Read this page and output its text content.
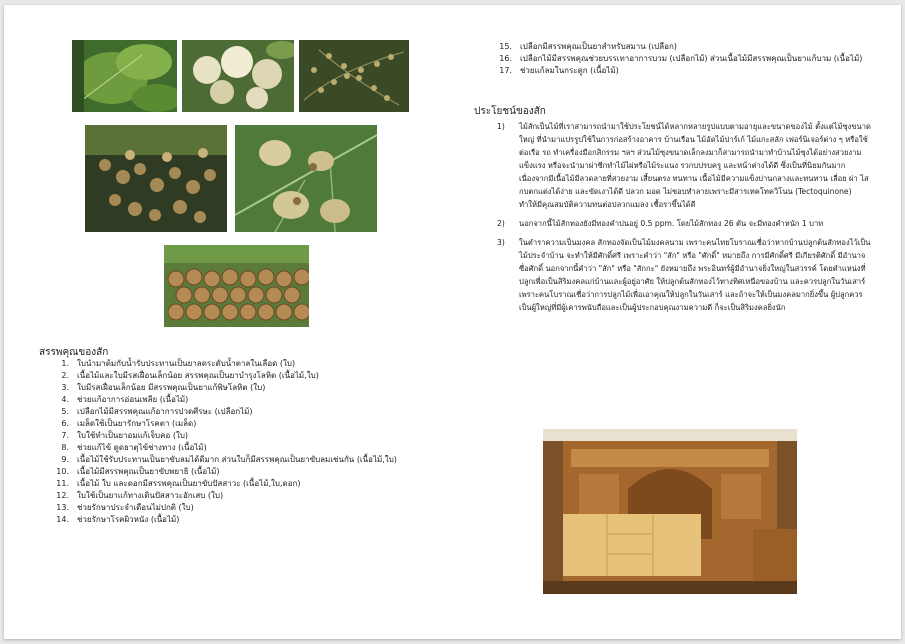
สรรพคุณของสัก
1. ใบนำมาต้มกับน้ำรับประทานเป็นยาลดระดับน้ำตาลในเลือด (ใบ)
2. เนื้อไม้และใบมีรสเฝื่อนเล็กน้อย สรรพคุณเป็นยาบำรุงโลหิต (เนื้อไม้,ใบ)
3. ใบมีรสเฝื่อนเล็กน้อย มีสรรพคุณเป็นยาแก้พิษโลหิต (ใบ)
4. ช่วยแก้อาการอ่อนเพลีย (เนื้อไม้)
5. เปลือกไม้มีสรรพคุณแก้อาการปวดศีรษะ (เปลือกไม้)
6. เมล็ดใช้เป็นยารักษาโรคตา (เมล็ด)
7. ใบใช้ทำเป็นยาอมแก้เจ็บคอ (ใบ)
8. ช่วยแก้ไข้ ดูดธาตุไข้ช่างทาง (เนื้อไม้)
9. เนื้อไม้ใช้รับประทานเป็นยาขับลมได้ดีมาก ส่วนใบก็มีสรรพคุณเป็นยาขับลมเช่นกัน (เนื้อไม้,ใบ)
10. เนื้อไม้มีสรรพคุณเป็นยาขับพยาธิ (เนื้อไม้)
11. เนื้อไม้ ใบ และดอกมีสรรพคุณเป็นยาขับปัสสาวะ (เนื้อไม้,ใบ,ดอก)
12. ใบใช้เป็นยาแก้ทางเดินปัสสาวะอักเสบ (ใบ)
13. ช่วยรักษาประจำเดือนไม่ปกติ (ใบ)
14. ช่วยรักษาโรคผิวหนัง (เนื้อไม้)
15. เปลือกมีสรรพคุณเป็นยาสำหรับสมาน (เปลือก)
16. เปลือกไม้มีสรรพคุณช่วยบรรเทาอาการบวม (เปลือกไม้) ส่วนเนื้อไม้มีสรรพคุณเป็นยาแก้บวม (เนื้อไม้)
17. ช่วยแก้ลมในกระดูก (เนื้อไม้)
ประโยชน์ของสัก
1) ไม้สักเป็นไม้ที่เราสามารถนำมาใช้ประโยชน์ได้หลากหลายรูปแบบตามอายุและขนาดของไม้ ตั้งแต่ไม้ซุงขนาดใหญ่ ที่นำมาแปรรูปใช้ในการก่อสร้างอาคาร บ้านเรือน ไม้อัดไม้ปาร์เก้ ไม้แกะสลัก เฟอร์นิเจอร์ต่าง ๆ หรือใช้ต่อเรือ รถ ทำเครื่องมือกสิกรรม ฯลฯ ส่วนไม้ซุงขนาดเล็กลงมาก็สามารถนำมาทำบ้านไม้ซุงได้อย่างสวยงามแข็งแรง หรือจะนำมาผ่าซีกทำไม้ไผ่หรือไม้ระแนง รวกบปรบครู และหน้าต่างได้ดี ซึ่งเป็นที่นิยมกันมาก เนื่องจากมีเนื้อไม้มีลวดลายที่สวยงาม เสี้ยนตรง ทนทาน เนื้อไม้มีความแข็งปานกลางและทนทาน เลื่อย ผ่า ไสกบตกแต่งได้ง่าย และขัดเงาได้ดี ปลวก มอด ไม่ชอบทำลายเพราะมีสารเทคโทควิโนน (Tectoquinone) ทำให้มีคุณสมบัติความทนต่อปลวกแมลง เชื้อราขึ้นได้ดี
2) นอกจากนี้ไม้สักทองยังมีทองคำปนอยู่ 0.5 ppm. โดยไม้สักทอง 26 ตัน จะมีทองคำหนัก 1 บาท
3) ในตำราความเป็นมงคล สักทองจัดเป็นไม้มงคลนาม เพราะคนไทยโบราณเชื่อว่าหากบ้านปลูกต้นสักทองไว้เป็นไม้ประจำบ้าน จะทำให้มีศักดิ์ศรี เพราะคำว่า "สัก" หรือ "ศักดิ์" หมายถึง การมีศักดิ์ศรี มีเกียรติศักดิ์ มีอำนาจซื่อศักดิ์ นอกจากนี้คำว่า "สัก" หรือ "สักกะ" ยังหมายถึง พระอินทร์ผู้มีอำนาจยิ่งใหญ่ในสวรรค์ โดยตำแหน่งที่ปลูกเพื่อเป็นสิริมงคลแก่บ้านและผู้อยู่อาศัย ให้ปลูกต้นสักทองไว้ทางทิศเหนือของบ้าน และควรปลูกในวันเสาร์ เพราะคนโบราณเชื่อว่าการปลูกไม้เพื่อเอาคุณให้ปลูกในวันเสาร์ และถ้าจะให้เป็นมงคลมากยิ่งขึ้น ผู้ปลูกควรเป็นผู้ใหญ่ที่มีผู้เคารพนับถือและเป็นผู้ประกอบคุณงามความดี ก็จะเป็นสิริมงคลยิ่งนัก
